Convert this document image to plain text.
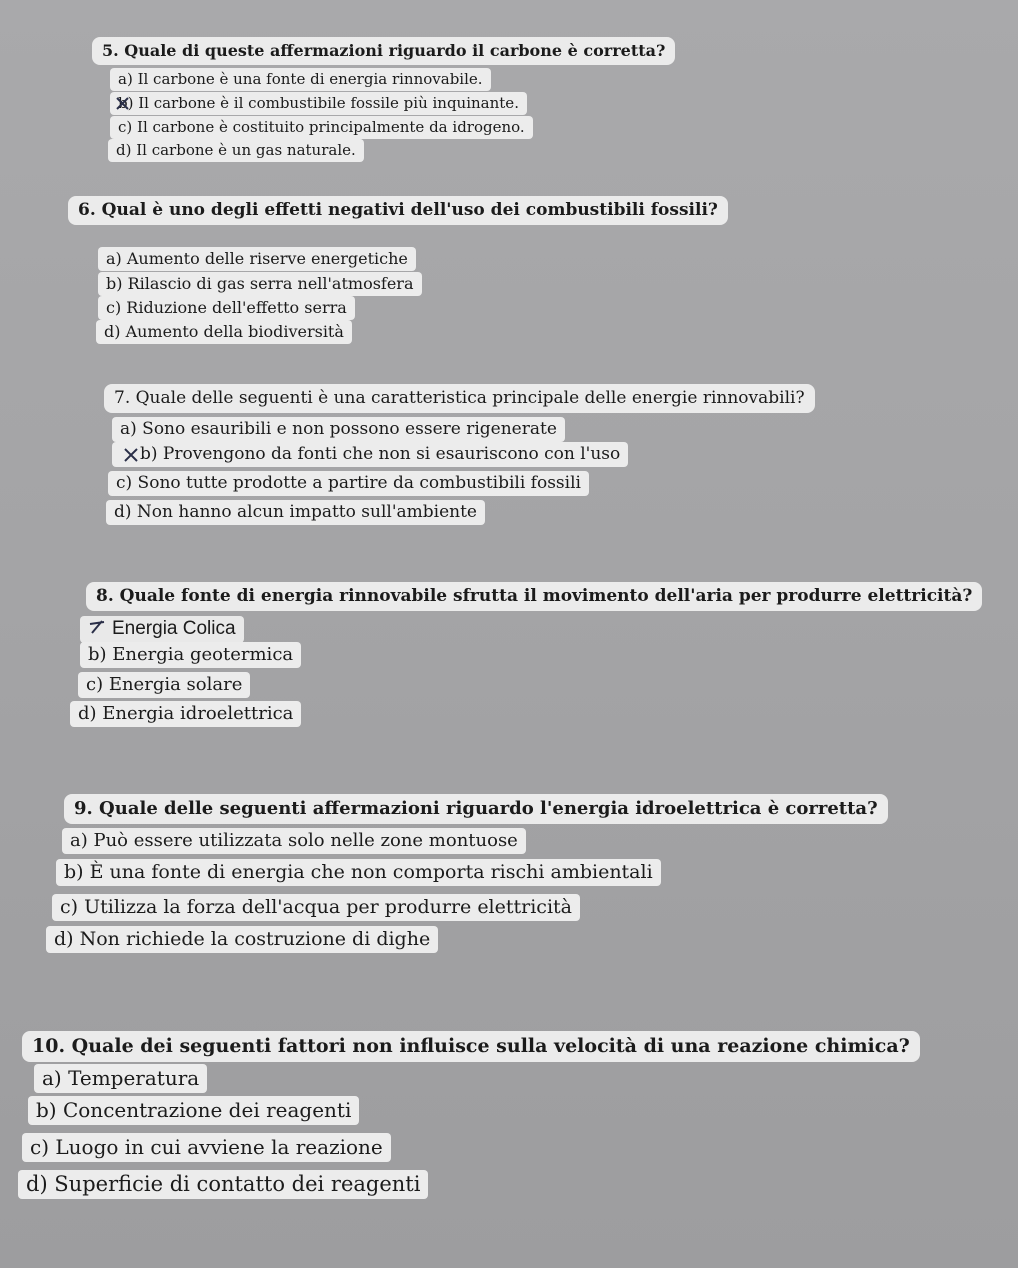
5. Quale di queste affermazioni riguardo il carbone è corretta?
a) Il carbone è una fonte di energia rinnovabile.
b) Il carbone è il combustibile fossile più inquinante.
c) Il carbone è costituito principalmente da idrogeno.
d) Il carbone è un gas naturale.
6. Qual è uno degli effetti negativi dell'uso dei combustibili fossili?
a) Aumento delle riserve energetiche
b) Rilascio di gas serra nell'atmosfera
c) Riduzione dell'effetto serra
d) Aumento della biodiversità
7. Quale delle seguenti è una caratteristica principale delle energie rinnovabili?
a) Sono esauribili e non possono essere rigenerate
b) Provengono da fonti che non si esauriscono con l'uso
c) Sono tutte prodotte a partire da combustibili fossili
d) Non hanno alcun impatto sull'ambiente
8. Quale fonte di energia rinnovabile sfrutta il movimento dell'aria per produrre elettricità?
Energia Colica
b) Energia geotermica
c) Energia solare
d) Energia idroelettrica
9. Quale delle seguenti affermazioni riguardo l'energia idroelettrica è corretta?
a) Può essere utilizzata solo nelle zone montuose
b) È una fonte di energia che non comporta rischi ambientali
c) Utilizza la forza dell'acqua per produrre elettricità
d) Non richiede la costruzione di dighe
10. Quale dei seguenti fattori non influisce sulla velocità di una reazione chimica?
a) Temperatura
b) Concentrazione dei reagenti
c) Luogo in cui avviene la reazione
d) Superficie di contatto dei reagenti
